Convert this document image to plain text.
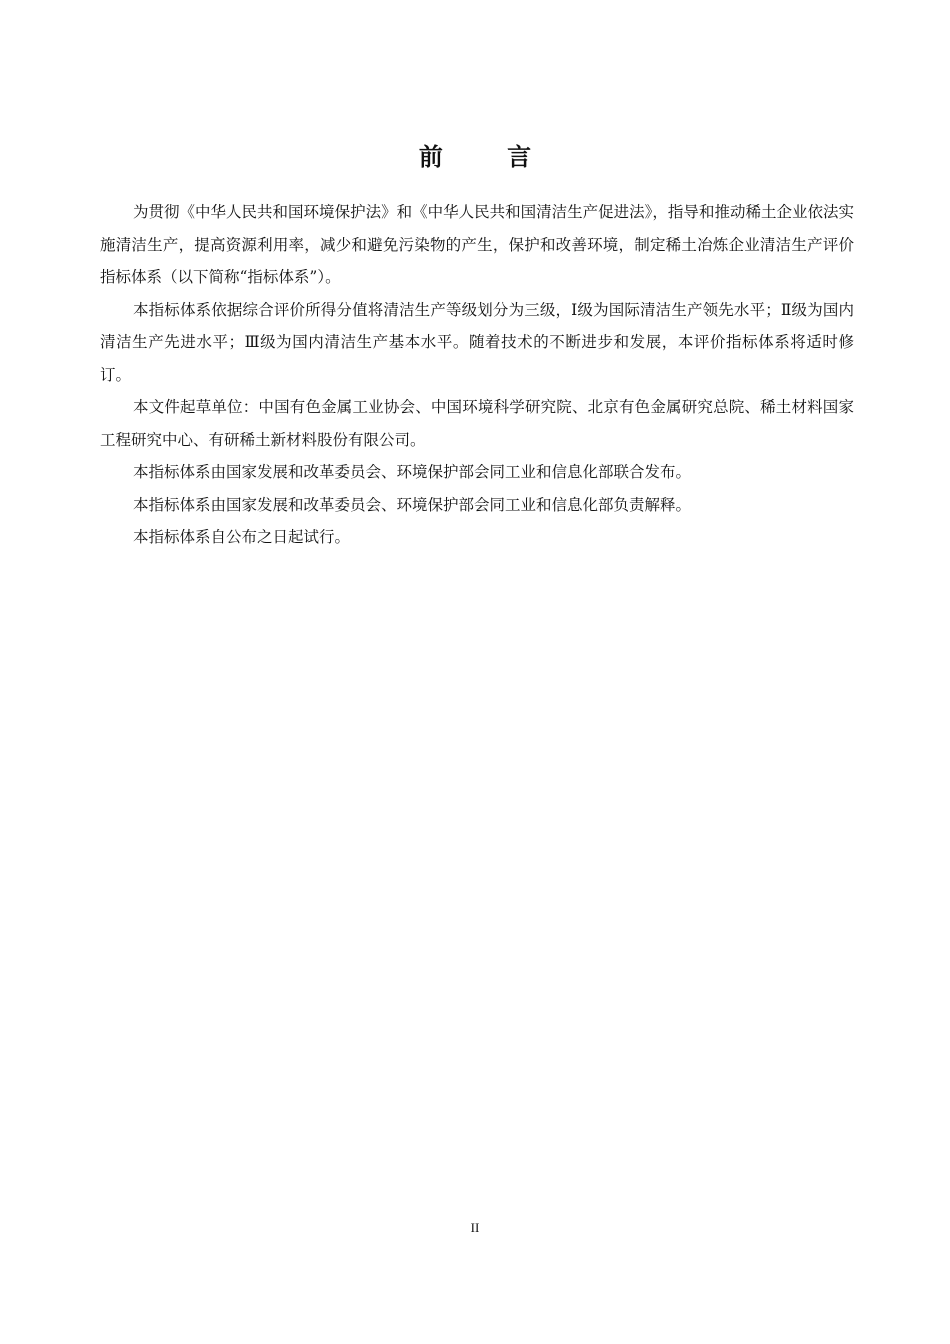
前 言

为贯彻《中华人民共和国环境保护法》和《中华人民共和国清洁生产促进法》，指导和推动稀土企业依法实施清洁生产，提高资源利用率，减少和避免污染物的产生，保护和改善环境，制定稀土冶炼企业清洁生产评价指标体系（以下简称“指标体系”）。

本指标体系依据综合评价所得分值将清洁生产等级划分为三级，Ⅰ级为国际清洁生产领先水平；Ⅱ级为国内清洁生产先进水平；Ⅲ级为国内清洁生产基本水平。随着技术的不断进步和发展，本评价指标体系将适时修订。

本文件起草单位：中国有色金属工业协会、中国环境科学研究院、北京有色金属研究总院、稀土材料国家工程研究中心、有研稀土新材料股份有限公司。

本指标体系由国家发展和改革委员会、环境保护部会同工业和信息化部联合发布。

本指标体系由国家发展和改革委员会、环境保护部会同工业和信息化部负责解释。

本指标体系自公布之日起试行。

II
